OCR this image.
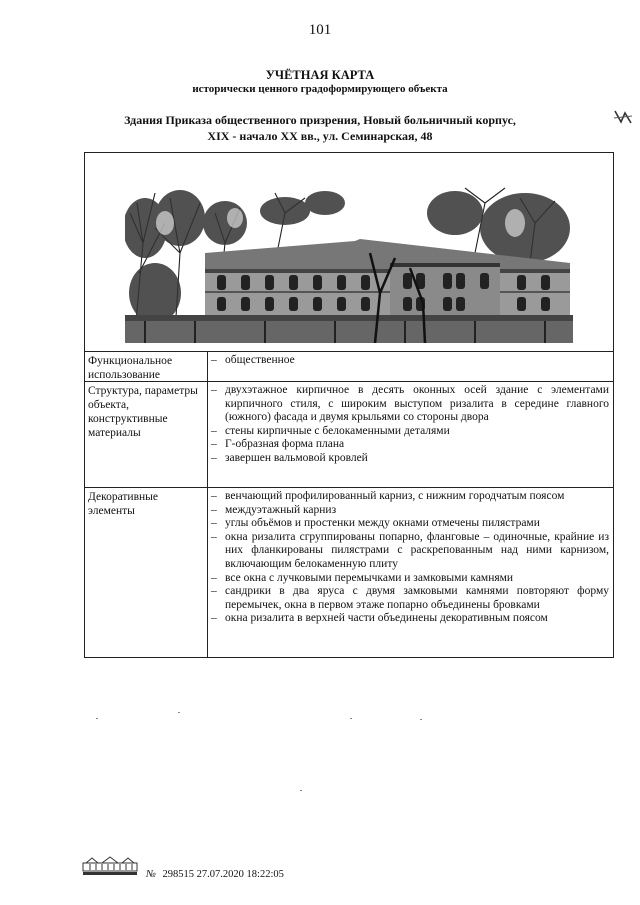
101
УЧЁТНАЯ КАРТА
исторически ценного градоформирующего объекта
Здания Приказа общественного призрения, Новый больничный корпус,
XIX - начало XX вв., ул. Семинарская, 48
Функциональное использование
– общественное
Структура, параметры объекта, конструктивные материалы
– двухэтажное кирпичное в десять оконных осей здание с элементами кирпичного стиля, с широким выступом ризалита в середине главного (южного) фасада и двумя крыльями со стороны двора
– стены кирпичные с белокаменными деталями
– Г-образная форма плана
– завершен вальмовой кровлей
Декоративные элементы
– венчающий профилированный карниз, с нижним городчатым поясом
– междуэтажный карниз
– углы объёмов и простенки между окнами отмечены пилястрами
– окна ризалита сгруппированы попарно, фланговые – одиночные, крайние из них фланкированы пилястрами с раскрепованным над ними карнизом, включающим белокаменную плиту
– все окна с лучковыми перемычками и замковыми камнями
– сандрики в два яруса с двумя замковыми камнями повторяют форму перемычек, окна в первом этаже попарно объединены бровками
– окна ризалита в верхней части объединены декоративным поясом
№ 298515 27.07.2020 18:22:05
